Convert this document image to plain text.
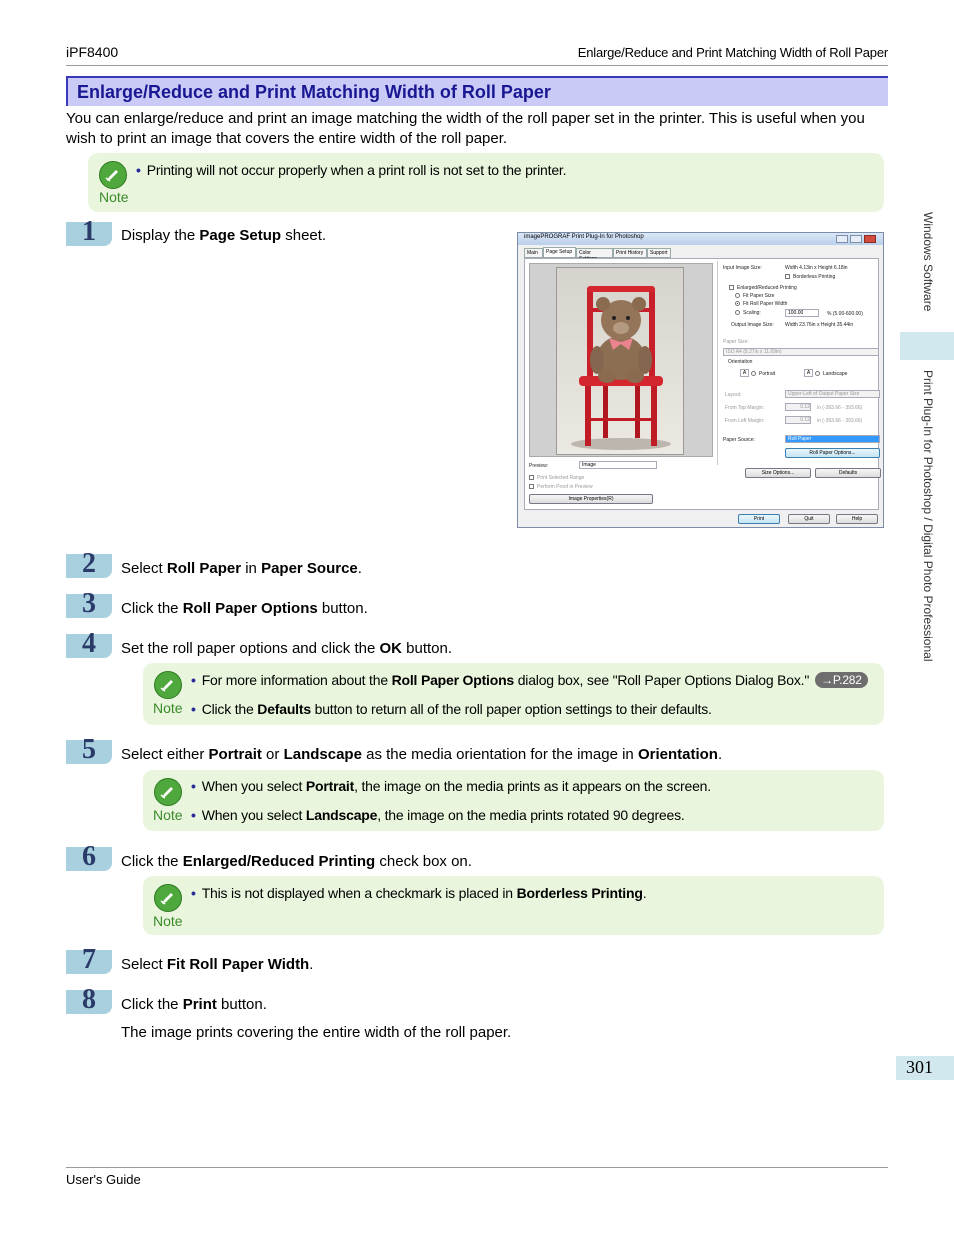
iPF8400	Enlarge/Reduce and Print Matching Width of Roll Paper
Enlarge/Reduce and Print Matching Width of Roll Paper
You can enlarge/reduce and print an image matching the width of the roll paper set in the printer. This is useful when you wish to print an image that covers the entire width of the roll paper.
Note
• Printing will not occur properly when a print roll is not set to the printer.
1 Display the Page Setup sheet.	imagePROGRAF Print Plug-In for Photoshop
Main	Page Setup	Color	Print History	Support
Input Image Size:	Width 4.13in x Height 6.18in
Borderless Printing
Enlarged/Reduced Printing
Fit Paper Size
Fit Roll Paper Width
Scaling:	100.00	% (5.00-600.00)
Output Image Size: Width 23.76in x Height 35.44in
Paper Size:
ISO A4 (8.27in x 11.69in)
Orientation
A	Portrait	A	Landscape
Layout:	Upper-Left of Output Paper Size
From Top Margin:	0.12 in (-393.66 - 393.66)
From Left Margin:	0.12 in (-393.66 - 393.66)
Paper Source:	Roll Paper
Roll Paper Options...
Size Options...	Defaults
Preview:	Image
Print Selected Range
Perform Proof in Preview
Image Properties(R)
Print	Quit	Help
2 Select Roll Paper in Paper Source.
3 Click the Roll Paper Options button.
4 Set the roll paper options and click the OK button.
Note
• For more information about the Roll Paper Options dialog box, see "Roll Paper Options Dialog Box." →P.282
• Click the Defaults button to return all of the roll paper option settings to their defaults.
5 Select either Portrait or Landscape as the media orientation for the image in Orientation.
Note
• When you select Portrait, the image on the media prints as it appears on the screen.
• When you select Landscape, the image on the media prints rotated 90 degrees.
6 Click the Enlarged/Reduced Printing check box on.
Note
• This is not displayed when a checkmark is placed in Borderless Printing.
7 Select Fit Roll Paper Width.
8 Click the Print button.
The image prints covering the entire width of the roll paper.
Windows Software
Print Plug-In for Photoshop / Digital Photo Professional
301
User's Guide
